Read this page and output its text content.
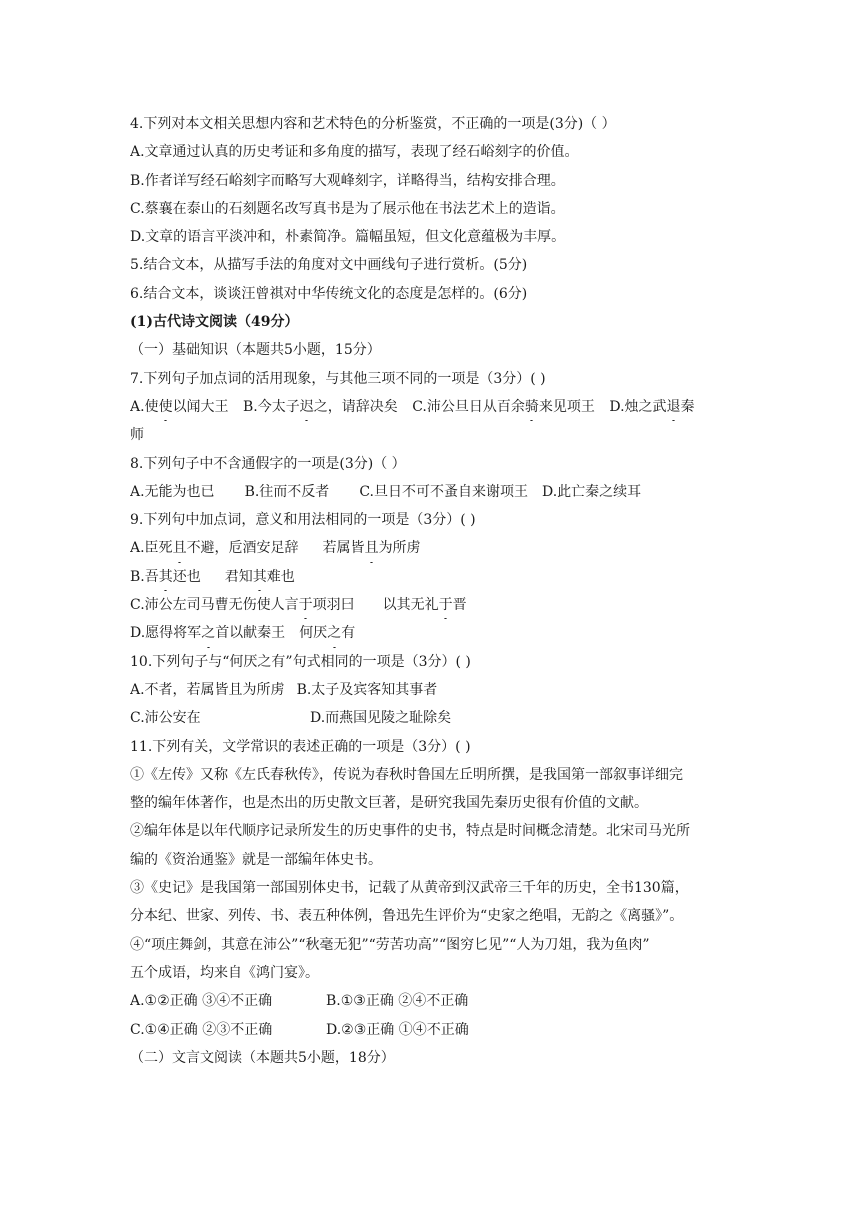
4.下列对本文相关思想内容和艺术特色的分析鉴赏，不正确的一项是(3分)（ ）
A.文章通过认真的历史考证和多角度的描写，表现了经石峪刻字的价值。
B.作者详写经石峪刻字而略写大观峰刻字，详略得当，结构安排合理。
C.蔡襄在泰山的石刻题名改写真书是为了展示他在书法艺术上的造诣。
D.文章的语言平淡冲和，朴素简净。篇幅虽短，但文化意蕴极为丰厚。
5.结合文本，从描写手法的角度对文中画线句子进行赏析。(5分)
6.结合文本，谈谈汪曾祺对中华传统文化的态度是怎样的。(6分)
(1)古代诗文阅读（49分）
（一）基础知识（本题共5小题，15分）
7.下列句子加点词的活用现象，与其他三项不同的一项是（3分）( )
A.使使以闻大王 B.今太子迟之，请辞决矣 C.沛公旦日从百余骑来见项王 D.烛之武退秦
师
8.下列句子中不含通假字的一项是(3分)（ ）
A.无能为也已 B.往而不反者 C.旦日不可不蚤自来谢项王 D.此亡秦之续耳
9.下列句中加点词，意义和用法相同的一项是（3分）( )
A.臣死且不避，卮酒安足辞 若属皆且为所虏
B.吾其还也 君知其难也
C.沛公左司马曹无伤使人言于项羽曰 以其无礼于晋
D.愿得将军之首以献秦王 何厌之有
10.下列句子与“何厌之有”句式相同的一项是（3分）( )
A.不者，若属皆且为所虏 B.太子及宾客知其事者
C.沛公安在	D.而燕国见陵之耻除矣
11.下列有关，文学常识的表述正确的一项是（3分）( )
①《左传》又称《左氏春秋传》，传说为春秋时鲁国左丘明所撰，是我国第一部叙事详细完
整的编年体著作，也是杰出的历史散文巨著，是研究我国先秦历史很有价值的文献。
②编年体是以年代顺序记录所发生的历史事件的史书，特点是时间概念清楚。北宋司马光所
编的《资治通鉴》就是一部编年体史书。
③《史记》是我国第一部国别体史书，记载了从黄帝到汉武帝三千年的历史，全书130篇，
分本纪、世家、列传、书、表五种体例，鲁迅先生评价为“史家之绝唱，无韵之《离骚》”。
④“项庄舞剑，其意在沛公”“秋毫无犯”“劳苦功高”“图穷匕见”“人为刀俎，我为鱼肉”
五个成语，均来自《鸿门宴》。
A.①②正确 ③④不正确	B.①③正确 ②④不正确
C.①④正确 ②③不正确	D.②③正确 ①④不正确
（二）文言文阅读（本题共5小题，18分）
